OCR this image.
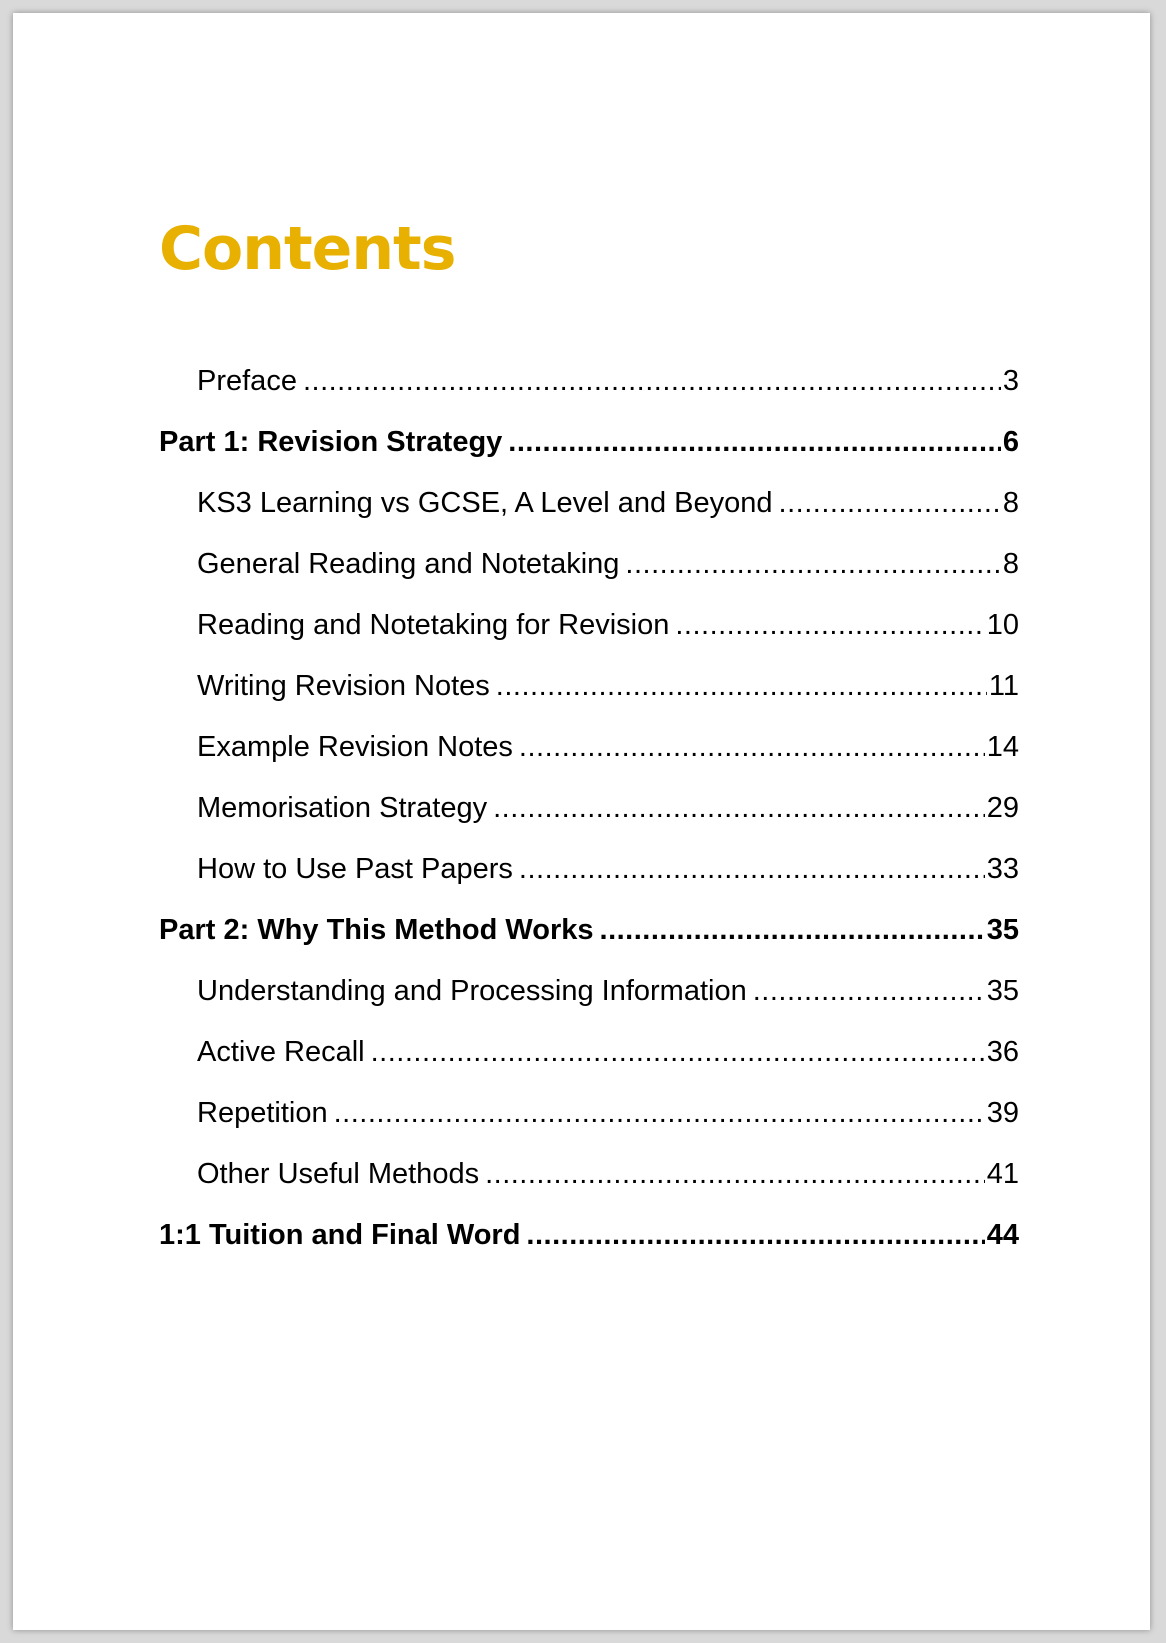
Contents
Preface .....	3
Part 1: Revision Strategy .....	6
KS3 Learning vs GCSE, A Level and Beyond .....	8
General Reading and Notetaking .....	8
Reading and Notetaking for Revision .....	10
Writing Revision Notes .....	11
Example Revision Notes .....	14
Memorisation Strategy .....	29
How to Use Past Papers .....	33
Part 2: Why This Method Works .....	35
Understanding and Processing Information .....	35
Active Recall .....	36
Repetition .....	39
Other Useful Methods .....	41
1:1 Tuition and Final Word .....	44
